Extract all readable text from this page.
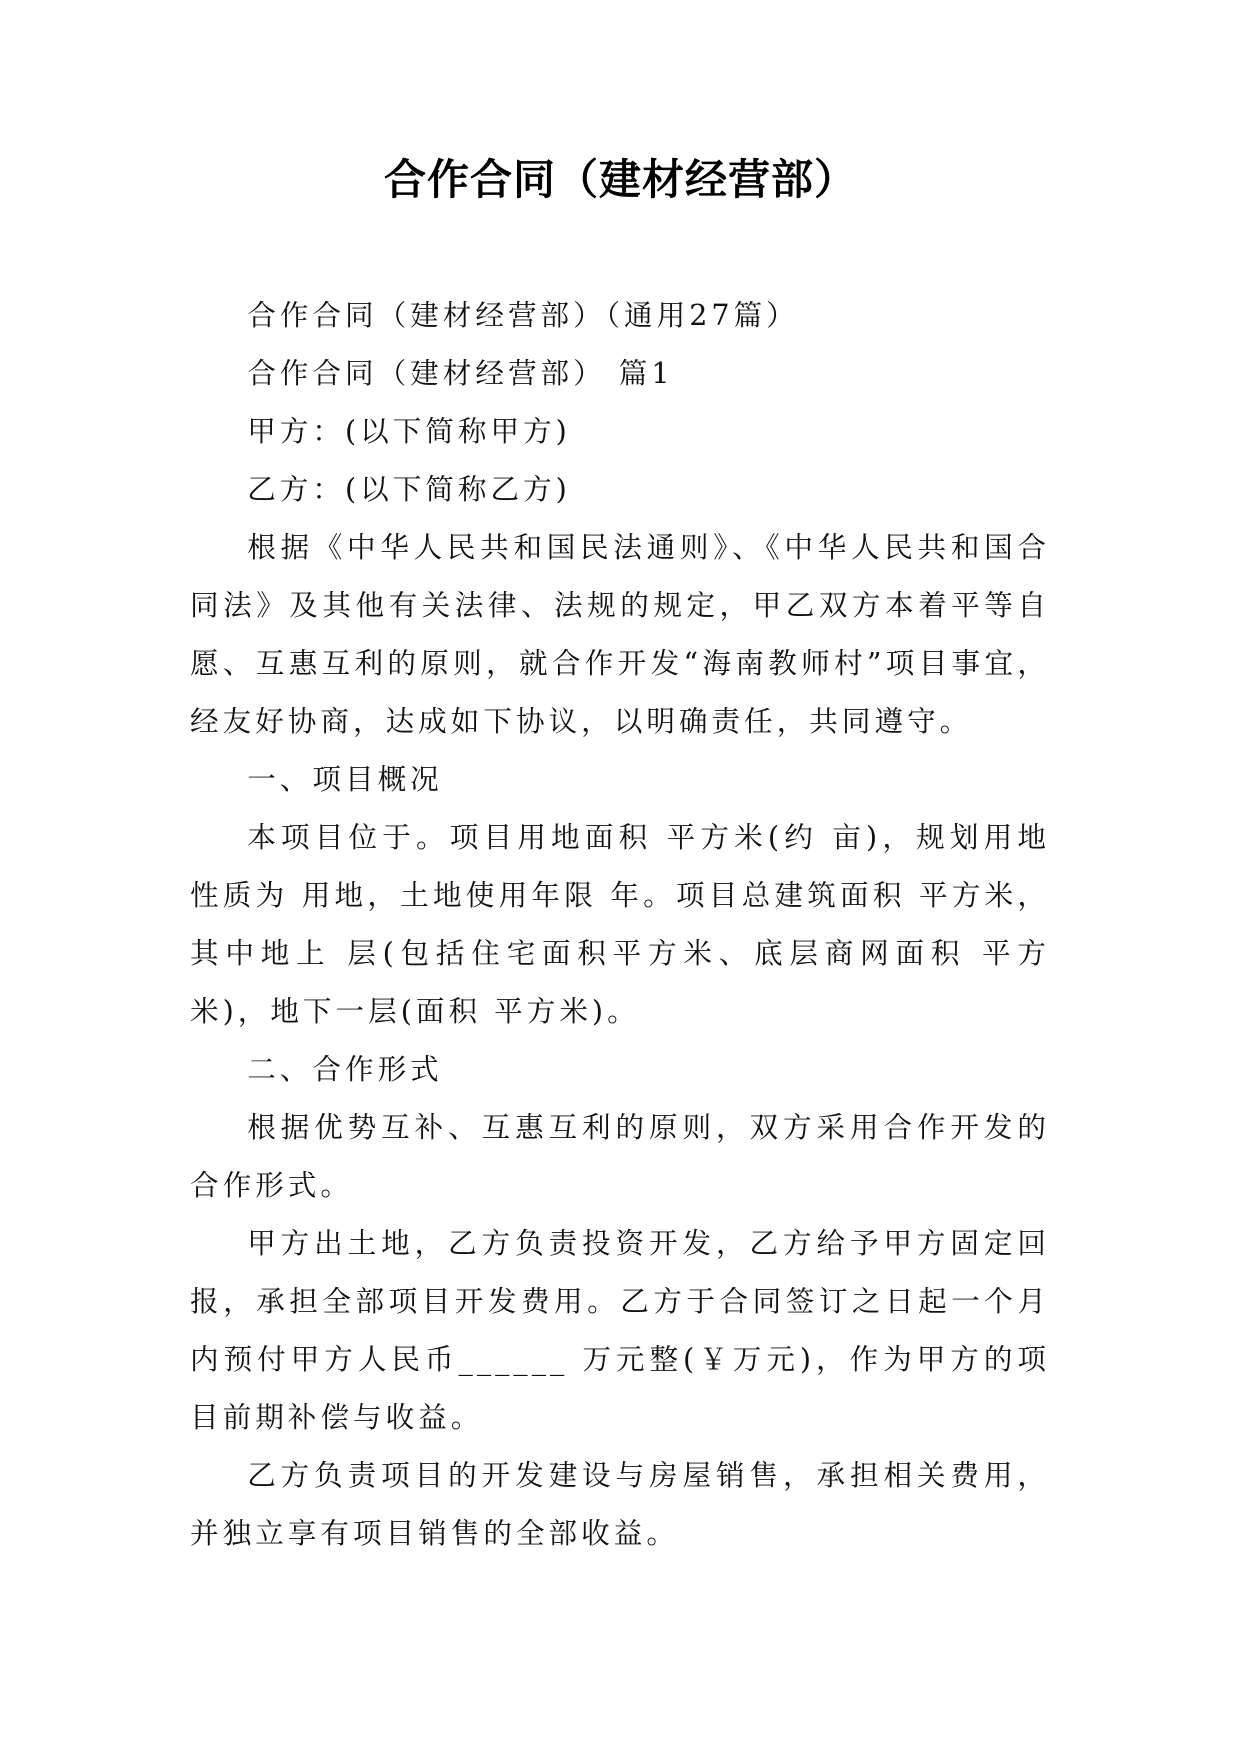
合作合同（建材经营部）

合作合同（建材经营部）（通用27篇）

合作合同（建材经营部） 篇1

甲方：(以下简称甲方)

乙方：(以下简称乙方)

根据《中华人民共和国民法通则》、《中华人民共和国合同法》及其他有关法律、法规的规定，甲乙双方本着平等自愿、互惠互利的原则，就合作开发“海南教师村”项目事宜，经友好协商，达成如下协议，以明确责任，共同遵守。

一、项目概况

本项目位于。项目用地面积 平方米(约 亩)，规划用地性质为 用地，土地使用年限 年。项目总建筑面积 平方米，其中地上 层(包括住宅面积平方米、底层商网面积 平方米)，地下一层(面积 平方米)。

二、合作形式

根据优势互补、互惠互利的原则，双方采用合作开发的合作形式。

甲方出土地，乙方负责投资开发，乙方给予甲方固定回报，承担全部项目开发费用。乙方于合同签订之日起一个月内预付甲方人民币______ 万元整(￥万元)，作为甲方的项目前期补偿与收益。

乙方负责项目的开发建设与房屋销售，承担相关费用，并独立享有项目销售的全部收益。
